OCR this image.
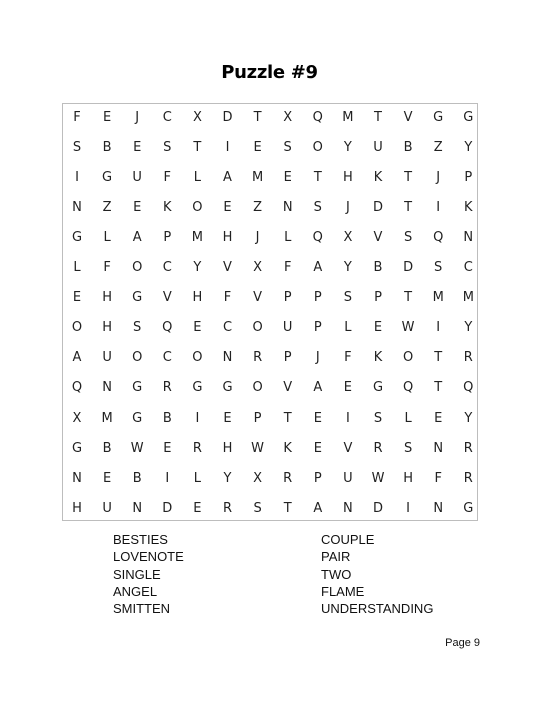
Puzzle #9
F	E	J	C	X	D	T	X	Q	M	T	V	G	G
S	B	E	S	T	I	E	S	O	Y	U	B	Z	Y
I	G	U	F	L	A	M	E	T	H	K	T	J	P
N	Z	E	K	O	E	Z	N	S	J	D	T	I	K
G	L	A	P	M	H	J	L	Q	X	V	S	Q	N
L	F	O	C	Y	V	X	F	A	Y	B	D	S	C
E	H	G	V	H	F	V	P	P	S	P	T	M	M
O	H	S	Q	E	C	O	U	P	L	E	W	I	Y
A	U	O	C	O	N	R	P	J	F	K	O	T	R
Q	N	G	R	G	G	O	V	A	E	G	Q	T	Q
X	M	G	B	I	E	P	T	E	I	S	L	E	Y
G	B	W	E	R	H	W	K	E	V	R	S	N	R
N	E	B	I	L	Y	X	R	P	U	W	H	F	R
H	U	N	D	E	R	S	T	A	N	D	I	N	G
BESTIES
LOVENOTE
SINGLE
ANGEL
SMITTEN
COUPLE
PAIR
TWO
FLAME
UNDERSTANDING
Page 9
